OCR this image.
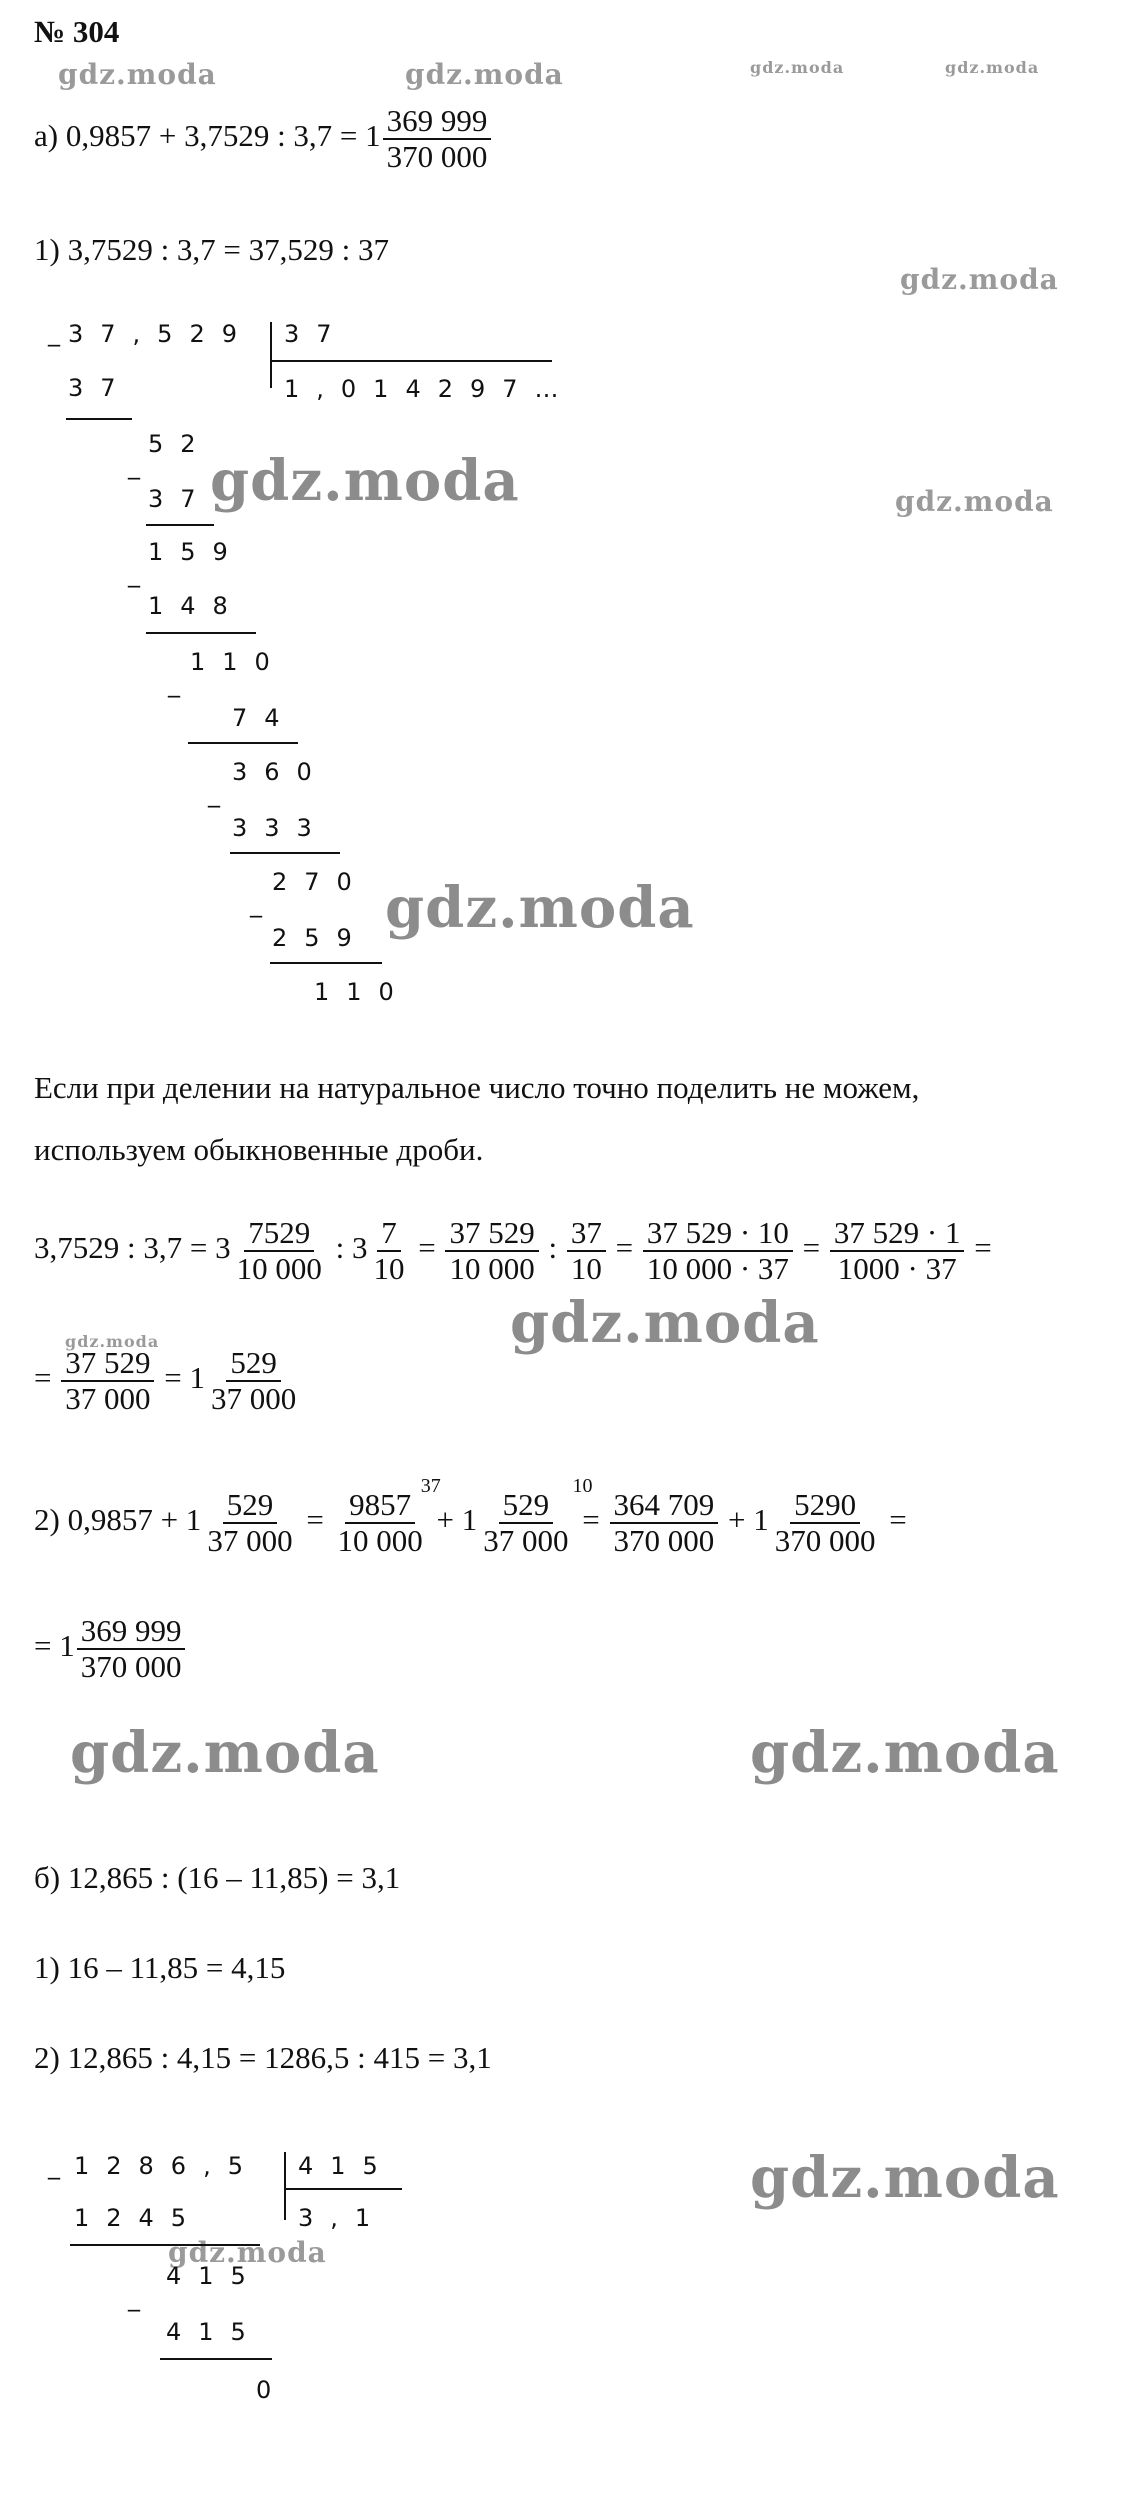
№ 304
gdz.moda	gdz.moda	gdz.moda	gdz.moda
gdz.moda
gdz.moda	gdz.moda
gdz.moda
gdz.moda
gdz.moda
gdz.moda	gdz.moda
gdz.moda
gdz.moda
а) 0,9857 + 3,7529 : $3,7 = 1 \frac{369 999}{370 000}$
1) 3,7529 : 3,7 = 37,529 : 37
_ 37,529 37
1,014297…
37
_
52
37
_
159
148
_
110
74
_
360
333
_
270
259
110
Если при делении на натуральное число точно поделить не можем,
используем обыкновенные дроби.
3,7529 : $3,7 = 3 \frac{7529}{10 000}$ : $3 \frac{7}{10} = \frac{37 529}{10 000}$ : $\frac{37}{10} = \frac{37 529 \cdot 10}{10 000 \cdot 37} = \frac{37 529 \cdot 1}{1000 \cdot 37}$ =
= $\frac{37 529}{37 000} = 1 \frac{529}{37 000}$
2) $0,9857 + 1 \frac{529}{37 000} = 9857$
10 000
37
+ 1 529
37 000
10
= $\frac{364 709}{370 000} + 1 \frac{5290}{370 000}$ =
= $1 \frac{369 999}{370 000}$
б) 12,865 : (16 – 11,85) = 3,1
1) 16 – 11,85 = 4,15
2) 12,865 : 4,15 = 1286,5 : 415 = 3,1
_ 1286,5 415
3,1
1245
_
415
415
0
